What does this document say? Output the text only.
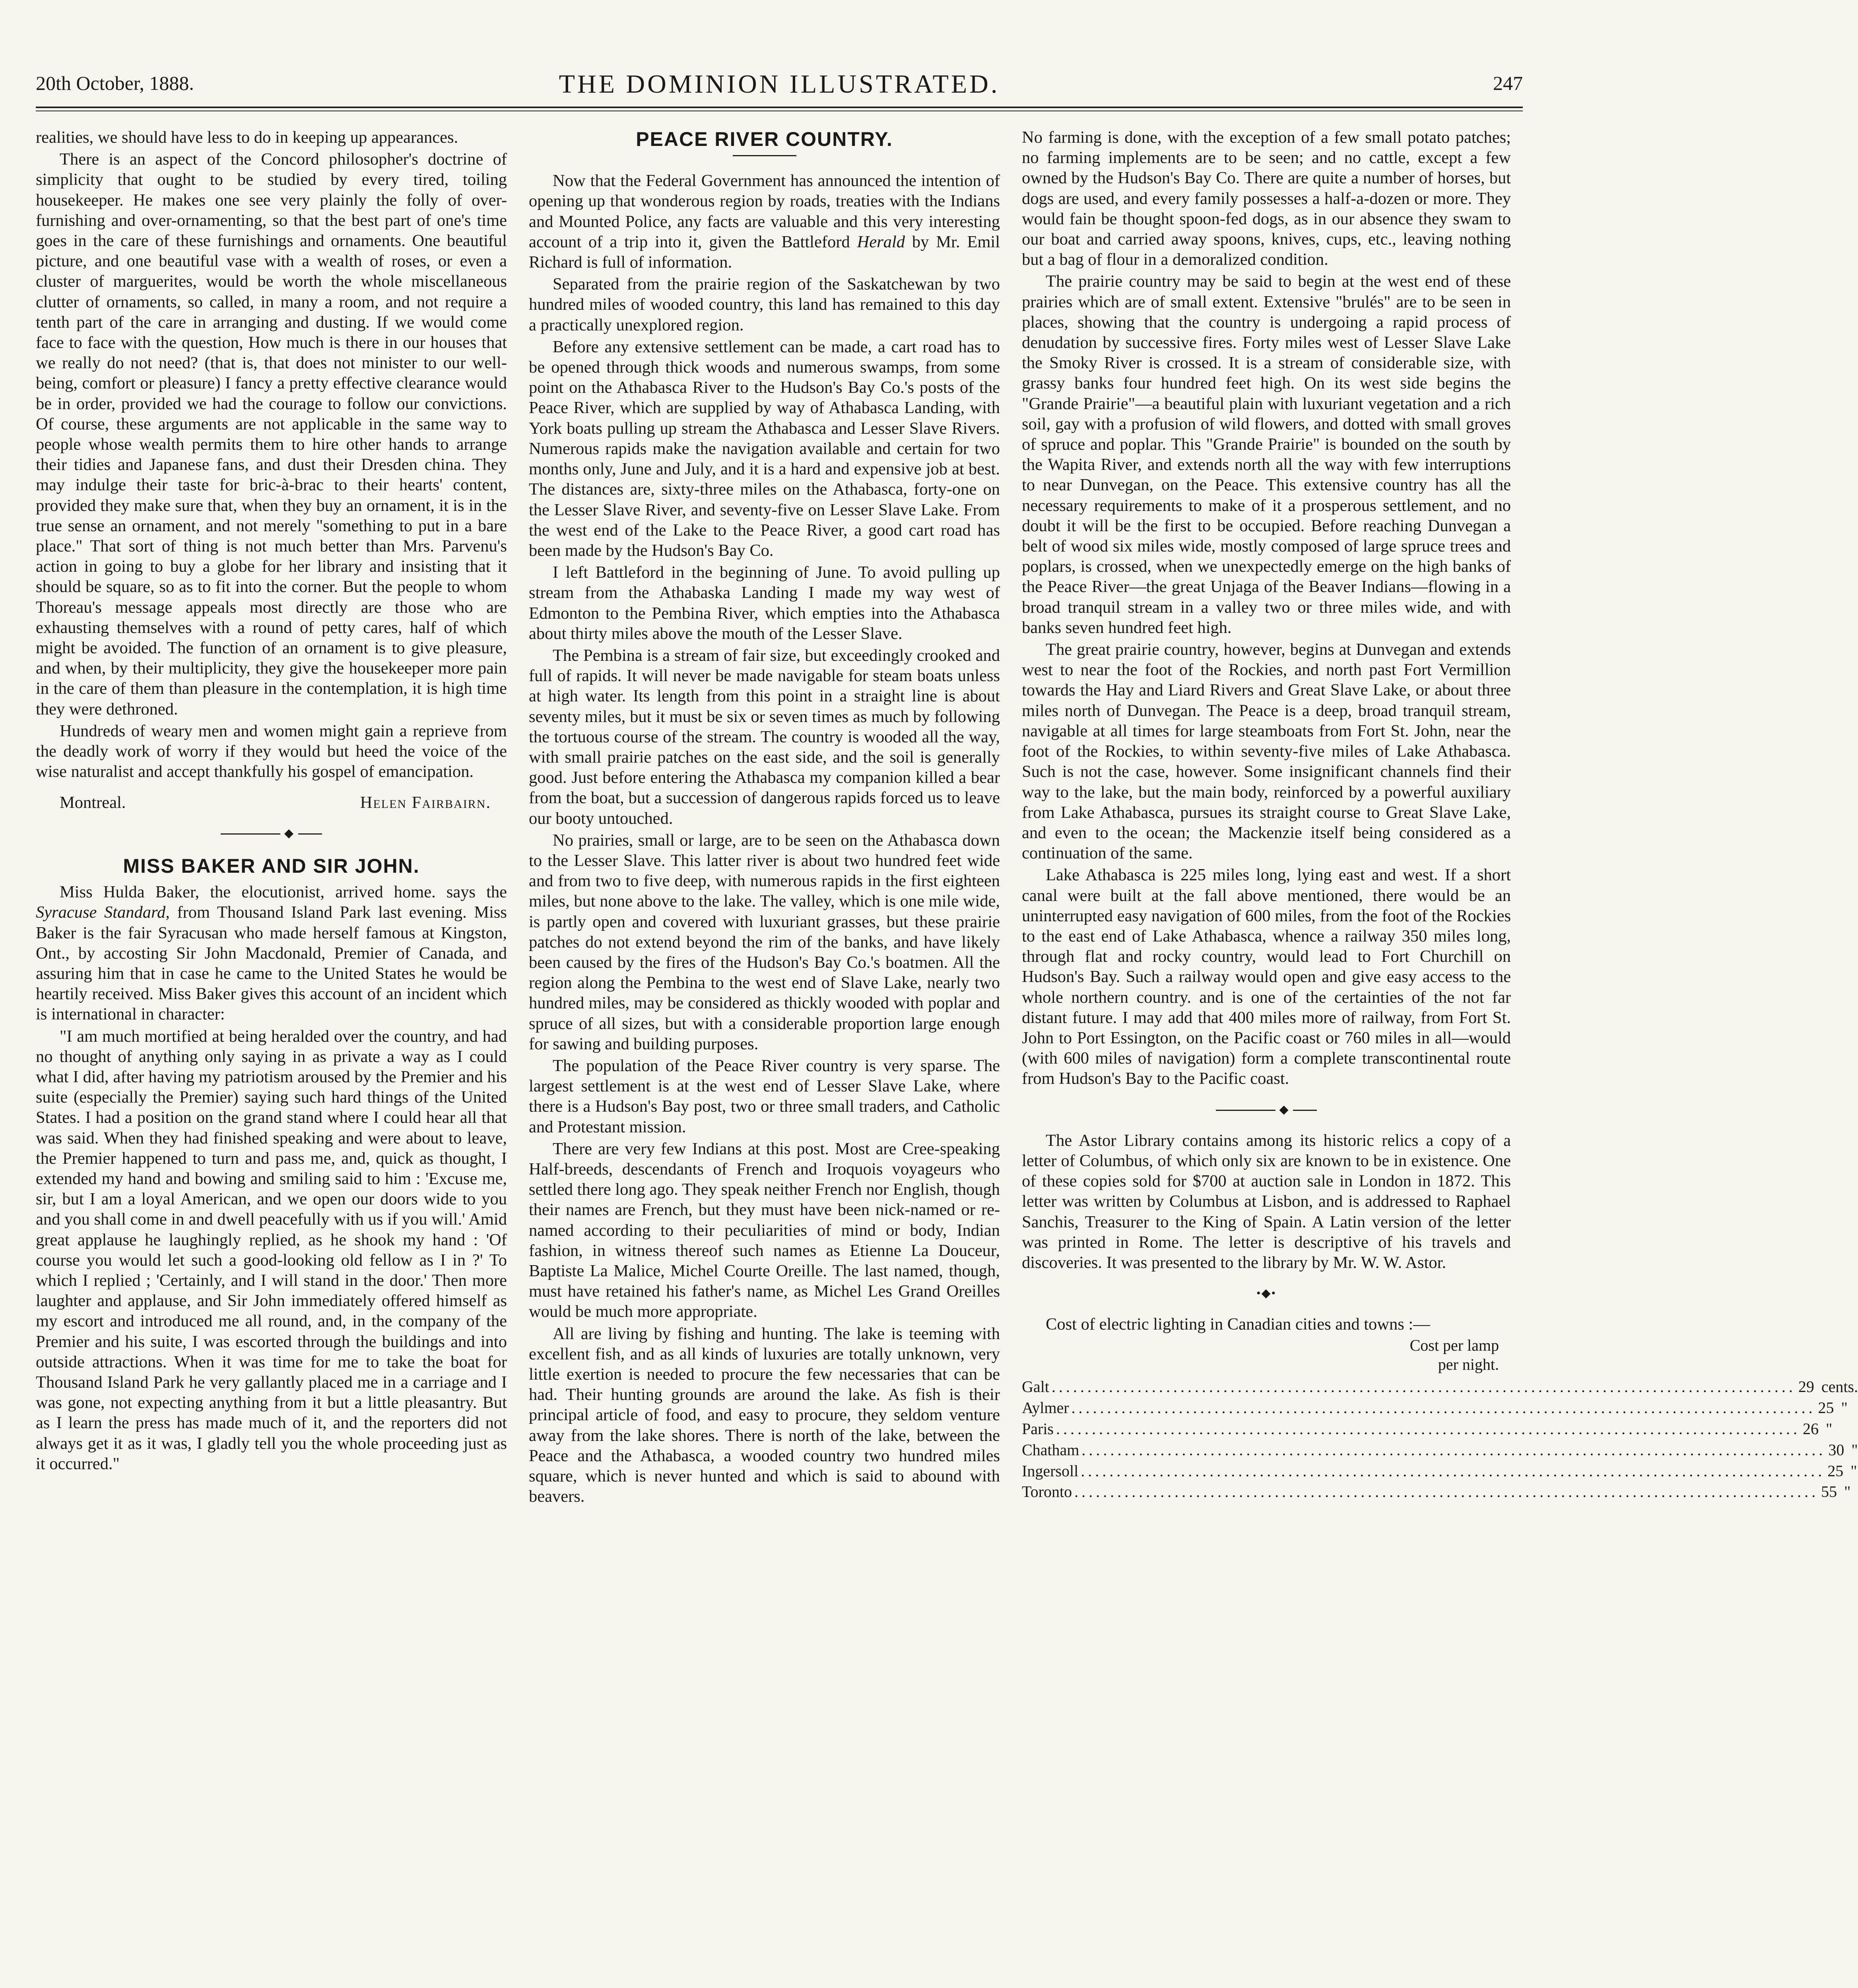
20th October, 1888.	THE DOMINION ILLUSTRATED.	247

realities, we should have less to do in keeping up appearances.

There is an aspect of the Concord philosopher's doctrine of simplicity that ought to be studied by every tired, toiling housekeeper. He makes one see very plainly the folly of over-furnishing and over-ornamenting, so that the best part of one's time goes in the care of these furnishings and ornaments. One beautiful picture, and one beautiful vase with a wealth of roses, or even a cluster of marguerites, would be worth the whole miscellaneous clutter of ornaments, so called, in many a room, and not require a tenth part of the care in arranging and dusting. If we would come face to face with the question, How much is there in our houses that we really do not need? (that is, that does not minister to our well-being, comfort or pleasure) I fancy a pretty effective clearance would be in order, provided we had the courage to follow our convictions. Of course, these arguments are not applicable in the same way to people whose wealth permits them to hire other hands to arrange their tidies and Japanese fans, and dust their Dresden china. They may indulge their taste for bric-à-brac to their hearts' content, provided they make sure that, when they buy an ornament, it is in the true sense an ornament, and not merely "something to put in a bare place." That sort of thing is not much better than Mrs. Parvenu's action in going to buy a globe for her library and insisting that it should be square, so as to fit into the corner. But the people to whom Thoreau's message appeals most directly are those who are exhausting themselves with a round of petty cares, half of which might be avoided. The function of an ornament is to give pleasure, and when, by their multiplicity, they give the housekeeper more pain in the care of them than pleasure in the contemplation, it is high time they were dethroned.

Hundreds of weary men and women might gain a reprieve from the deadly work of worry if they would but heed the voice of the wise naturalist and accept thankfully his gospel of emancipation.

Montreal.	Helen Fairbairn.
◆
MISS BAKER AND SIR JOHN.

Miss Hulda Baker, the elocutionist, arrived home. says the Syracuse Standard, from Thousand Island Park last evening. Miss Baker is the fair Syracusan who made herself famous at Kingston, Ont., by accosting Sir John Macdonald, Premier of Canada, and assuring him that in case he came to the United States he would be heartily received. Miss Baker gives this account of an incident which is international in character:

"I am much mortified at being heralded over the country, and had no thought of anything only saying in as private a way as I could what I did, after having my patriotism aroused by the Premier and his suite (especially the Premier) saying such hard things of the United States. I had a position on the grand stand where I could hear all that was said. When they had finished speaking and were about to leave, the Premier happened to turn and pass me, and, quick as thought, I extended my hand and bowing and smiling said to him : 'Excuse me, sir, but I am a loyal American, and we open our doors wide to you and you shall come in and dwell peacefully with us if you will.' Amid great applause he laughingly replied, as he shook my hand : 'Of course you would let such a good-looking old fellow as I in ?' To which I replied ; 'Certainly, and I will stand in the door.' Then more laughter and applause, and Sir John immediately offered himself as my escort and introduced me all round, and, in the company of the Premier and his suite, I was escorted through the buildings and into outside attractions. When it was time for me to take the boat for Thousand Island Park he very gallantly placed me in a carriage and I was gone, not expecting anything from it but a little pleasantry. But as I learn the press has made much of it, and the reporters did not always get it as it was, I gladly tell you the whole proceeding just as it occurred."

PEACE RIVER COUNTRY.

Now that the Federal Government has announced the intention of opening up that wonderous region by roads, treaties with the Indians and Mounted Police, any facts are valuable and this very interesting account of a trip into it, given the Battleford Herald by Mr. Emil Richard is full of information.

Separated from the prairie region of the Saskatchewan by two hundred miles of wooded country, this land has remained to this day a practically unexplored region.

Before any extensive settlement can be made, a cart road has to be opened through thick woods and numerous swamps, from some point on the Athabasca River to the Hudson's Bay Co.'s posts of the Peace River, which are supplied by way of Athabasca Landing, with York boats pulling up stream the Athabasca and Lesser Slave Rivers. Numerous rapids make the navigation available and certain for two months only, June and July, and it is a hard and expensive job at best. The distances are, sixty-three miles on the Athabasca, forty-one on the Lesser Slave River, and seventy-five on Lesser Slave Lake. From the west end of the Lake to the Peace River, a good cart road has been made by the Hudson's Bay Co.

I left Battleford in the beginning of June. To avoid pulling up stream from the Athabaska Landing I made my way west of Edmonton to the Pembina River, which empties into the Athabasca about thirty miles above the mouth of the Lesser Slave.

The Pembina is a stream of fair size, but exceedingly crooked and full of rapids. It will never be made navigable for steam boats unless at high water. Its length from this point in a straight line is about seventy miles, but it must be six or seven times as much by following the tortuous course of the stream. The country is wooded all the way, with small prairie patches on the east side, and the soil is generally good. Just before entering the Athabasca my companion killed a bear from the boat, but a succession of dangerous rapids forced us to leave our booty untouched.

No prairies, small or large, are to be seen on the Athabasca down to the Lesser Slave. This latter river is about two hundred feet wide and from two to five deep, with numerous rapids in the first eighteen miles, but none above to the lake. The valley, which is one mile wide, is partly open and covered with luxuriant grasses, but these prairie patches do not extend beyond the rim of the banks, and have likely been caused by the fires of the Hudson's Bay Co.'s boatmen. All the region along the Pembina to the west end of Slave Lake, nearly two hundred miles, may be considered as thickly wooded with poplar and spruce of all sizes, but with a considerable proportion large enough for sawing and building purposes.

The population of the Peace River country is very sparse. The largest settlement is at the west end of Lesser Slave Lake, where there is a Hudson's Bay post, two or three small traders, and Catholic and Protestant mission.

There are very few Indians at this post. Most are Cree-speaking Half-breeds, descendants of French and Iroquois voyageurs who settled there long ago. They speak neither French nor English, though their names are French, but they must have been nick-named or re-named according to their peculiarities of mind or body, Indian fashion, in witness thereof such names as Etienne La Douceur, Baptiste La Malice, Michel Courte Oreille. The last named, though, must have retained his father's name, as Michel Les Grand Oreilles would be much more appropriate.

All are living by fishing and hunting. The lake is teeming with excellent fish, and as all kinds of luxuries are totally unknown, very little exertion is needed to procure the few necessaries that can be had. Their hunting grounds are around the lake. As fish is their principal article of food, and easy to procure, they seldom venture away from the lake shores. There is north of the lake, between the Peace and the Athabasca, a wooded country two hundred miles square, which is never hunted and which is said to abound with beavers.

No farming is done, with the exception of a few small potato patches; no farming implements are to be seen; and no cattle, except a few owned by the Hudson's Bay Co. There are quite a number of horses, but dogs are used, and every family possesses a half-a-dozen or more. They would fain be thought spoon-fed dogs, as in our absence they swam to our boat and carried away spoons, knives, cups, etc., leaving nothing but a bag of flour in a demoralized condition.

The prairie country may be said to begin at the west end of these prairies which are of small extent. Extensive "brulés" are to be seen in places, showing that the country is undergoing a rapid process of denudation by successive fires. Forty miles west of Lesser Slave Lake the Smoky River is crossed. It is a stream of considerable size, with grassy banks four hundred feet high. On its west side begins the "Grande Prairie"—a beautiful plain with luxuriant vegetation and a rich soil, gay with a profusion of wild flowers, and dotted with small groves of spruce and poplar. This "Grande Prairie" is bounded on the south by the Wapita River, and extends north all the way with few interruptions to near Dunvegan, on the Peace. This extensive country has all the necessary requirements to make of it a prosperous settlement, and no doubt it will be the first to be occupied. Before reaching Dunvegan a belt of wood six miles wide, mostly composed of large spruce trees and poplars, is crossed, when we unexpectedly emerge on the high banks of the Peace River—the great Unjaga of the Beaver Indians—flowing in a broad tranquil stream in a valley two or three miles wide, and with banks seven hundred feet high.

The great prairie country, however, begins at Dunvegan and extends west to near the foot of the Rockies, and north past Fort Vermillion towards the Hay and Liard Rivers and Great Slave Lake, or about three miles north of Dunvegan. The Peace is a deep, broad tranquil stream, navigable at all times for large steamboats from Fort St. John, near the foot of the Rockies, to within seventy-five miles of Lake Athabasca. Such is not the case, however. Some insignificant channels find their way to the lake, but the main body, reinforced by a powerful auxiliary from Lake Athabasca, pursues its straight course to Great Slave Lake, and even to the ocean; the Mackenzie itself being considered as a continuation of the same.

Lake Athabasca is 225 miles long, lying east and west. If a short canal were built at the fall above mentioned, there would be an uninterrupted easy navigation of 600 miles, from the foot of the Rockies to the east end of Lake Athabasca, whence a railway 350 miles long, through flat and rocky country, would lead to Fort Churchill on Hudson's Bay. Such a railway would open and give easy access to the whole northern country. and is one of the certainties of the not far distant future. I may add that 400 miles more of railway, from Fort St. John to Port Essington, on the Pacific coast or 760 miles in all—would (with 600 miles of navigation) form a complete transcontinental route from Hudson's Bay to the Pacific coast.

◆

The Astor Library contains among its historic relics a copy of a letter of Columbus, of which only six are known to be in existence. One of these copies sold for $700 at auction sale in London in 1872. This letter was written by Columbus at Lisbon, and is addressed to Raphael Sanchis, Treasurer to the King of Spain. A Latin version of the letter was printed in Rome. The letter is descriptive of his travels and discoveries. It was presented to the library by Mr. W. W. Astor.

•◆•

Cost of electric lighting in Canadian cities and towns :—

Cost per lamp
per night.
Galt ........................................................................................................ 29 cents.
Aylmer ........................................................................................................ 25 "
Paris ........................................................................................................ 26 "
Chatham ........................................................................................................ 30 "
Ingersoll ........................................................................................................ 25 "
Toronto ........................................................................................................ 55 "
